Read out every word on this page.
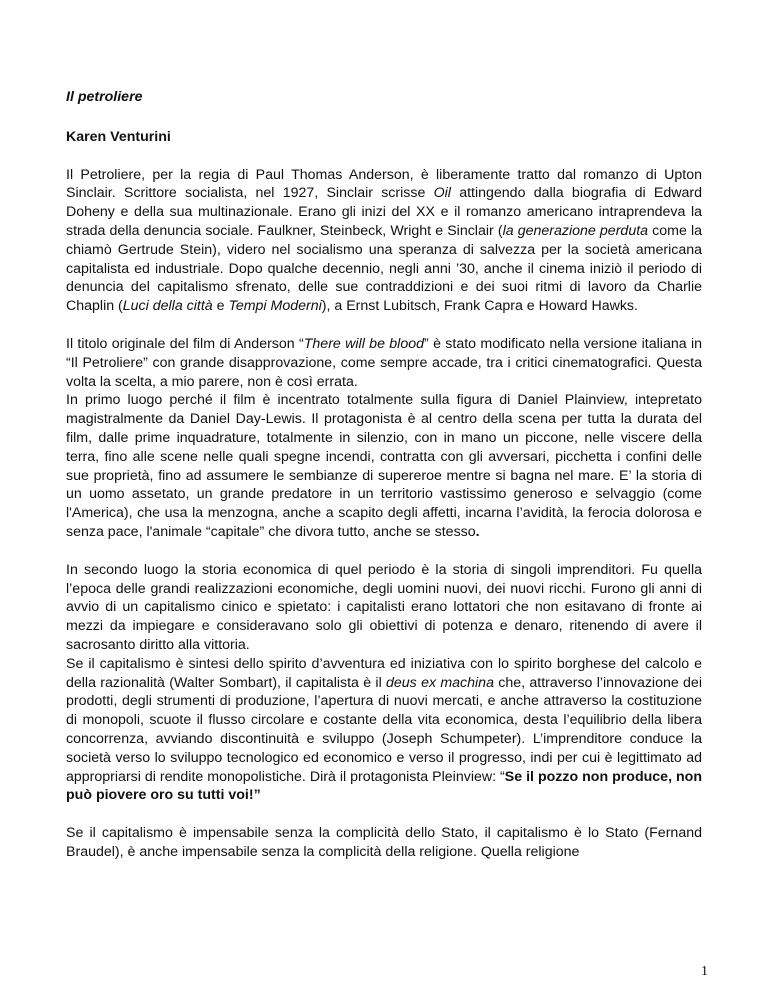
Il petroliere
Karen Venturini

Il Petroliere, per la regia di Paul Thomas Anderson, è liberamente tratto dal romanzo di Upton Sinclair. Scrittore socialista, nel 1927, Sinclair scrisse Oil attingendo dalla biografia di Edward Doheny e della sua multinazionale. Erano gli inizi del XX e il romanzo americano intraprendeva la strada della denuncia sociale. Faulkner, Steinbeck, Wright e Sinclair (la generazione perduta come la chiamò Gertrude Stein), videro nel socialismo una speranza di salvezza per la società americana capitalista ed industriale. Dopo qualche decennio, negli anni ’30, anche il cinema iniziò il periodo di denuncia del capitalismo sfrenato, delle sue contraddizioni e dei suoi ritmi di lavoro da Charlie Chaplin (Luci della città e Tempi Moderni), a Ernst Lubitsch, Frank Capra e Howard Hawks.

Il titolo originale del film di Anderson “There will be blood” è stato modificato nella versione italiana in “Il Petroliere” con grande disapprovazione, come sempre accade, tra i critici cinematografici. Questa volta la scelta, a mio parere, non è così errata.

In primo luogo perché il film è incentrato totalmente sulla figura di Daniel Plainview, intepretato magistralmente da Daniel Day-Lewis. Il protagonista è al centro della scena per tutta la durata del film, dalle prime inquadrature, totalmente in silenzio, con in mano un piccone, nelle viscere della terra, fino alle scene nelle quali spegne incendi, contratta con gli avversari, picchetta i confini delle sue proprietà, fino ad assumere le sembianze di supereroe mentre si bagna nel mare. E’ la storia di un uomo assetato, un grande predatore in un territorio vastissimo generoso e selvaggio (come l'America), che usa la menzogna, anche a scapito degli affetti, incarna l’avidità, la ferocia dolorosa e senza pace, l'animale “capitale” che divora tutto, anche se stesso.

In secondo luogo la storia economica di quel periodo è la storia di singoli imprenditori. Fu quella l’epoca delle grandi realizzazioni economiche, degli uomini nuovi, dei nuovi ricchi. Furono gli anni di avvio di un capitalismo cinico e spietato: i capitalisti erano lottatori che non esitavano di fronte ai mezzi da impiegare e consideravano solo gli obiettivi di potenza e denaro, ritenendo di avere il sacrosanto diritto alla vittoria.

Se il capitalismo è sintesi dello spirito d’avventura ed iniziativa con lo spirito borghese del calcolo e della razionalità (Walter Sombart), il capitalista è il deus ex machina che, attraverso l’innovazione dei prodotti, degli strumenti di produzione, l’apertura di nuovi mercati, e anche attraverso la costituzione di monopoli, scuote il flusso circolare e costante della vita economica, desta l’equilibrio della libera concorrenza, avviando discontinuità e sviluppo (Joseph Schumpeter). L’imprenditore conduce la società verso lo sviluppo tecnologico ed economico e verso il progresso, indi per cui è legittimato ad appropriarsi di rendite monopolistiche. Dirà il protagonista Pleinview: “Se il pozzo non produce, non può piovere oro su tutti voi!”

Se il capitalismo è impensabile senza la complicità dello Stato, il capitalismo è lo Stato (Fernand Braudel), è anche impensabile senza la complicità della religione. Quella religione

1
